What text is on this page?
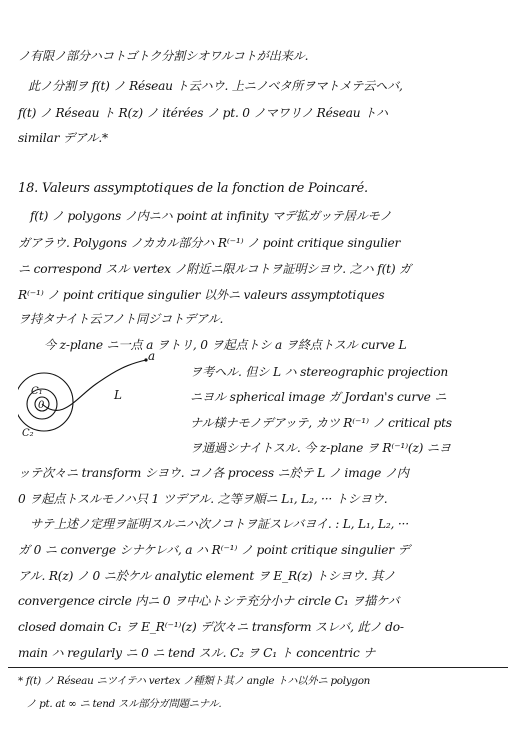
ノ有限ノ部分ハコトゴトク分割シオワルコトが出来ル.
此ノ分割ヲ f(t) ノ Réseau ト云ハウ. 上ニノベタ所ヲマトメテ云ヘバ,
f(t) ノ Réseau ト R(z) ノ itérées ノ pt. 0 ノマワリノ Réseau トハ
similar デアル.*
18. Valeurs assymptotiques de la fonction de Poincaré.
f(t) ノ polygons ノ内ニハ point at infinity マデ拡ガッテ居ルモノ
ガアラウ. Polygons ノカカル部分ハ R⁽⁻¹⁾ ノ point critique singulier
ニ correspond スル vertex ノ附近ニ限ルコトヲ証明シヨウ. 之ハ f(t) ガ
R⁽⁻¹⁾ ノ point critique singulier 以外ニ valeurs assymptotiques
ヲ持タナイト云フノト同ジコトデアル.
今 z-plane ニ一点 a ヲトリ, 0 ヲ起点トシ a ヲ終点トスル curve L
a
L
C₁
C₂
0
ヲ考ヘル. 但シ L ハ stereographic projection
ニヨル spherical image ガ Jordan's curve ニ
ナル様ナモノデアッテ, カツ R⁽⁻¹⁾ ノ critical pts
ヲ通過シナイトスル. 今 z-plane ヲ R⁽⁻¹⁾(z) ニヨ
ッテ次々ニ transform シヨウ. コノ各 process ニ於テ L ノ image ノ内
0 ヲ起点トスルモノハ只 1 ツデアル. 之等ヲ順ニ L₁, L₂, ··· トシヨウ.
サテ上述ノ定理ヲ証明スルニハ次ノコトヲ証スレバヨイ. : L, L₁, L₂, ···
ガ 0 ニ converge シナケレバ, a ハ R⁽⁻¹⁾ ノ point critique singulier デ
アル. R(z) ノ 0 ニ於ケル analytic element ヲ E_R(z) トシヨウ. 其ノ
convergence circle 内ニ 0 ヲ中心トシテ充分小ナ circle C₁ ヲ描ケバ
closed domain C₁ ヲ E_R⁽⁻¹⁾(z) デ次々ニ transform スレバ, 此ノ do-
main ハ regularly ニ 0 ニ tend スル. C₂ ヲ C₁ ト concentric ナ
* f(t) ノ Réseau ニツイテハ vertex ノ種類ト其ノ angle トハ以外ニ polygon
ノ pt. at ∞ ニ tend スル部分ガ問題ニナル.
